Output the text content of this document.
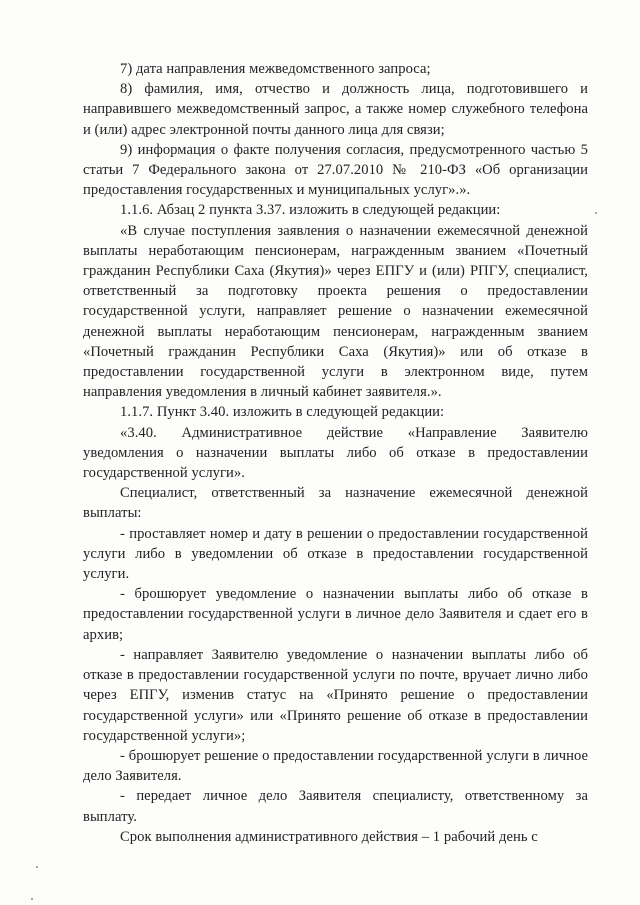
7) дата направления межведомственного запроса;

8) фамилия, имя, отчество и должность лица, подготовившего и направившего межведомственный запрос, а также номер служебного телефона и (или) адрес электронной почты данного лица для связи;

9) информация о факте получения согласия, предусмотренного частью 5 статьи 7 Федерального закона от 27.07.2010 № 210-ФЗ «Об организации предоставления государственных и муниципальных услуг».».

1.1.6. Абзац 2 пункта 3.37. изложить в следующей редакции:

«В случае поступления заявления о назначении ежемесячной денежной выплаты неработающим пенсионерам, награжденным званием «Почетный гражданин Республики Саха (Якутия)» через ЕПГУ и (или) РПГУ, специалист, ответственный за подготовку проекта решения о предоставлении государственной услуги, направляет решение о назначении ежемесячной денежной выплаты неработающим пенсионерам, награжденным званием «Почетный гражданин Республики Саха (Якутия)» или об отказе в предоставлении государственной услуги в электронном виде, путем направления уведомления в личный кабинет заявителя.».

1.1.7. Пункт 3.40. изложить в следующей редакции:

«3.40. Административное действие «Направление Заявителю уведомления о назначении выплаты либо об отказе в предоставлении государственной услуги».

Специалист, ответственный за назначение ежемесячной денежной выплаты:

- проставляет номер и дату в решении о предоставлении государственной услуги либо в уведомлении об отказе в предоставлении государственной услуги.

- брошюрует уведомление о назначении выплаты либо об отказе в предоставлении государственной услуги в личное дело Заявителя и сдает его в архив;

- направляет Заявителю уведомление о назначении выплаты либо об отказе в предоставлении государственной услуги по почте, вручает лично либо через ЕПГУ, изменив статус на «Принято решение о предоставлении государственной услуги» или «Принято решение об отказе в предоставлении государственной услуги»;

- брошюрует решение о предоставлении государственной услуги в личное дело Заявителя.

- передает личное дело Заявителя специалисту, ответственному за выплату.

Срок выполнения административного действия – 1 рабочий день с
